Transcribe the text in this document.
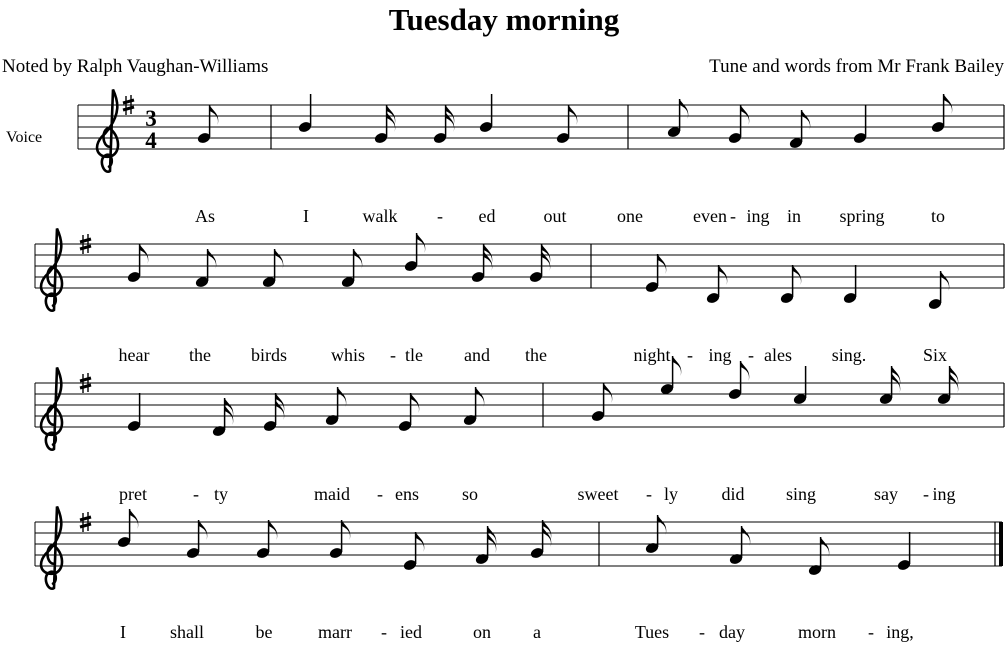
Tuesday morning
Noted by Ralph Vaughan-Williams	Tune and words from Mr Frank Bailey
Voice
3
4
As	I	walk - ed	out	one	even - ing in spring	to
hear the birds whis - tle and the	night - ing - ales sing.	Six
pret	- ty	maid - ens so	sweet - ly did sing	say - ing
I shall	be	marr - ied	on a	Tues - day	morn - ing,
